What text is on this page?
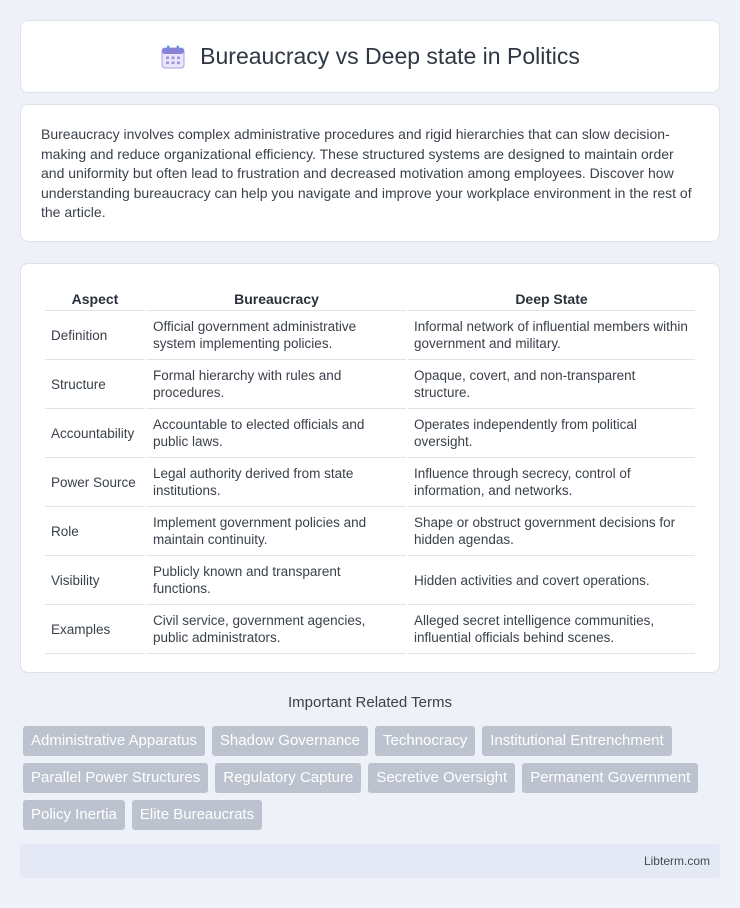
Bureaucracy vs Deep state in Politics

Bureaucracy involves complex administrative procedures and rigid hierarchies that can slow decision-making and reduce organizational efficiency. These structured systems are designed to maintain order and uniformity but often lead to frustration and decreased motivation among employees. Discover how understanding bureaucracy can help you navigate and improve your workplace environment in the rest of the article.

Aspect	Bureaucracy	Deep State
Definition	Official government administrative system implementing policies.	Informal network of influential members within government and military.
Structure	Formal hierarchy with rules and procedures.	Opaque, covert, and non-transparent structure.
Accountability	Accountable to elected officials and public laws.	Operates independently from political oversight.
Power Source	Legal authority derived from state institutions.	Influence through secrecy, control of information, and networks.
Role	Implement government policies and maintain continuity.	Shape or obstruct government decisions for hidden agendas.
Visibility	Publicly known and transparent functions.	Hidden activities and covert operations.
Examples	Civil service, government agencies, public administrators.	Alleged secret intelligence communities, influential officials behind scenes.
Important Related Terms
Administrative Apparatus	Shadow Governance	Technocracy	Institutional Entrenchment
Parallel Power Structures	Regulatory Capture	Secretive Oversight	Permanent Government
Policy Inertia	Elite Bureaucrats
Libterm.com
